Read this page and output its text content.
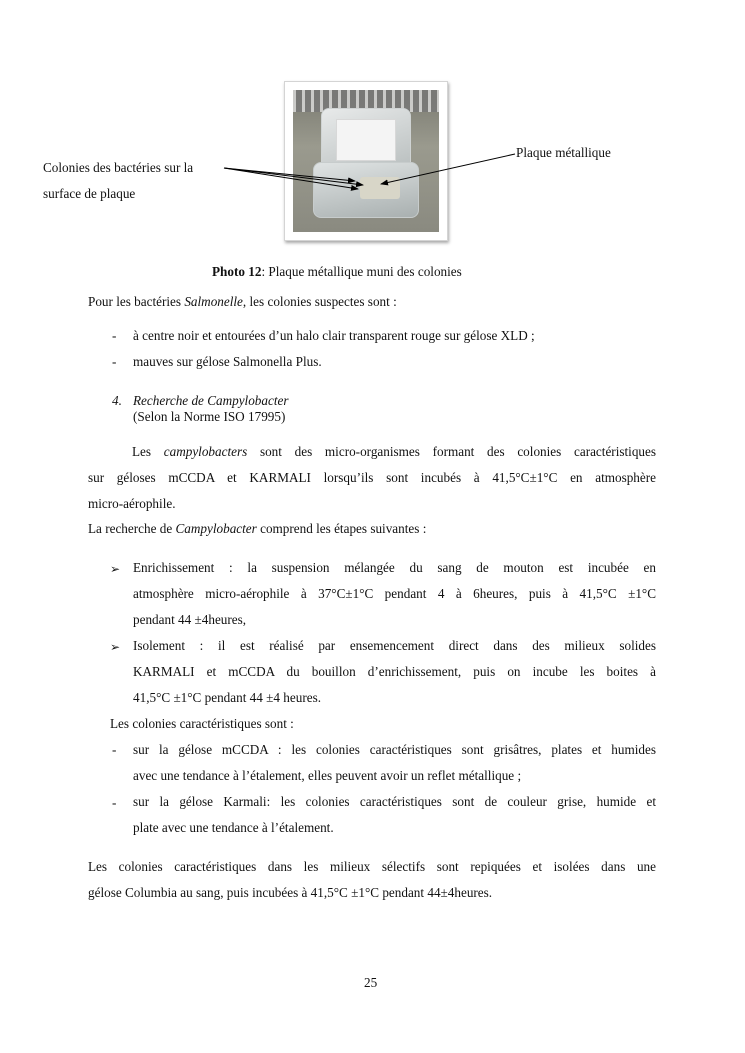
Colonies des bactéries sur la
surface de plaque
Plaque métallique
Photo 12: Plaque métallique muni des colonies
Pour les bactéries Salmonelle, les colonies suspectes sont :
- à centre noir et entourées d’un halo clair transparent rouge sur gélose XLD ;
- mauves sur gélose Salmonella Plus.
4. Recherche de Campylobacter
(Selon la Norme ISO 17995)
Les campylobacters sont des micro-organismes formant des colonies caractéristiques
sur géloses mCCDA et KARMALI lorsqu’ils sont incubés à 41,5°C±1°C en atmosphère
micro-aérophile.
La recherche de Campylobacter comprend les étapes suivantes :
➢ Enrichissement : la suspension mélangée du sang de mouton est incubée en
atmosphère micro-aérophile à 37°C±1°C pendant 4 à 6heures, puis à 41,5°C ±1°C
pendant 44 ±4heures,
➢ Isolement : il est réalisé par ensemencement direct dans des milieux solides
KARMALI et mCCDA du bouillon d’enrichissement, puis on incube les boites à
41,5°C ±1°C pendant 44 ±4 heures.
Les colonies caractéristiques sont :
- sur la gélose mCCDA : les colonies caractéristiques sont grisâtres, plates et humides
avec une tendance à l’étalement, elles peuvent avoir un reflet métallique ;
- sur la gélose Karmali: les colonies caractéristiques sont de couleur grise, humide et
plate avec une tendance à l’étalement.
Les colonies caractéristiques dans les milieux sélectifs sont repiquées et isolées dans une
gélose Columbia au sang, puis incubées à 41,5°C ±1°C pendant 44±4heures.
25
